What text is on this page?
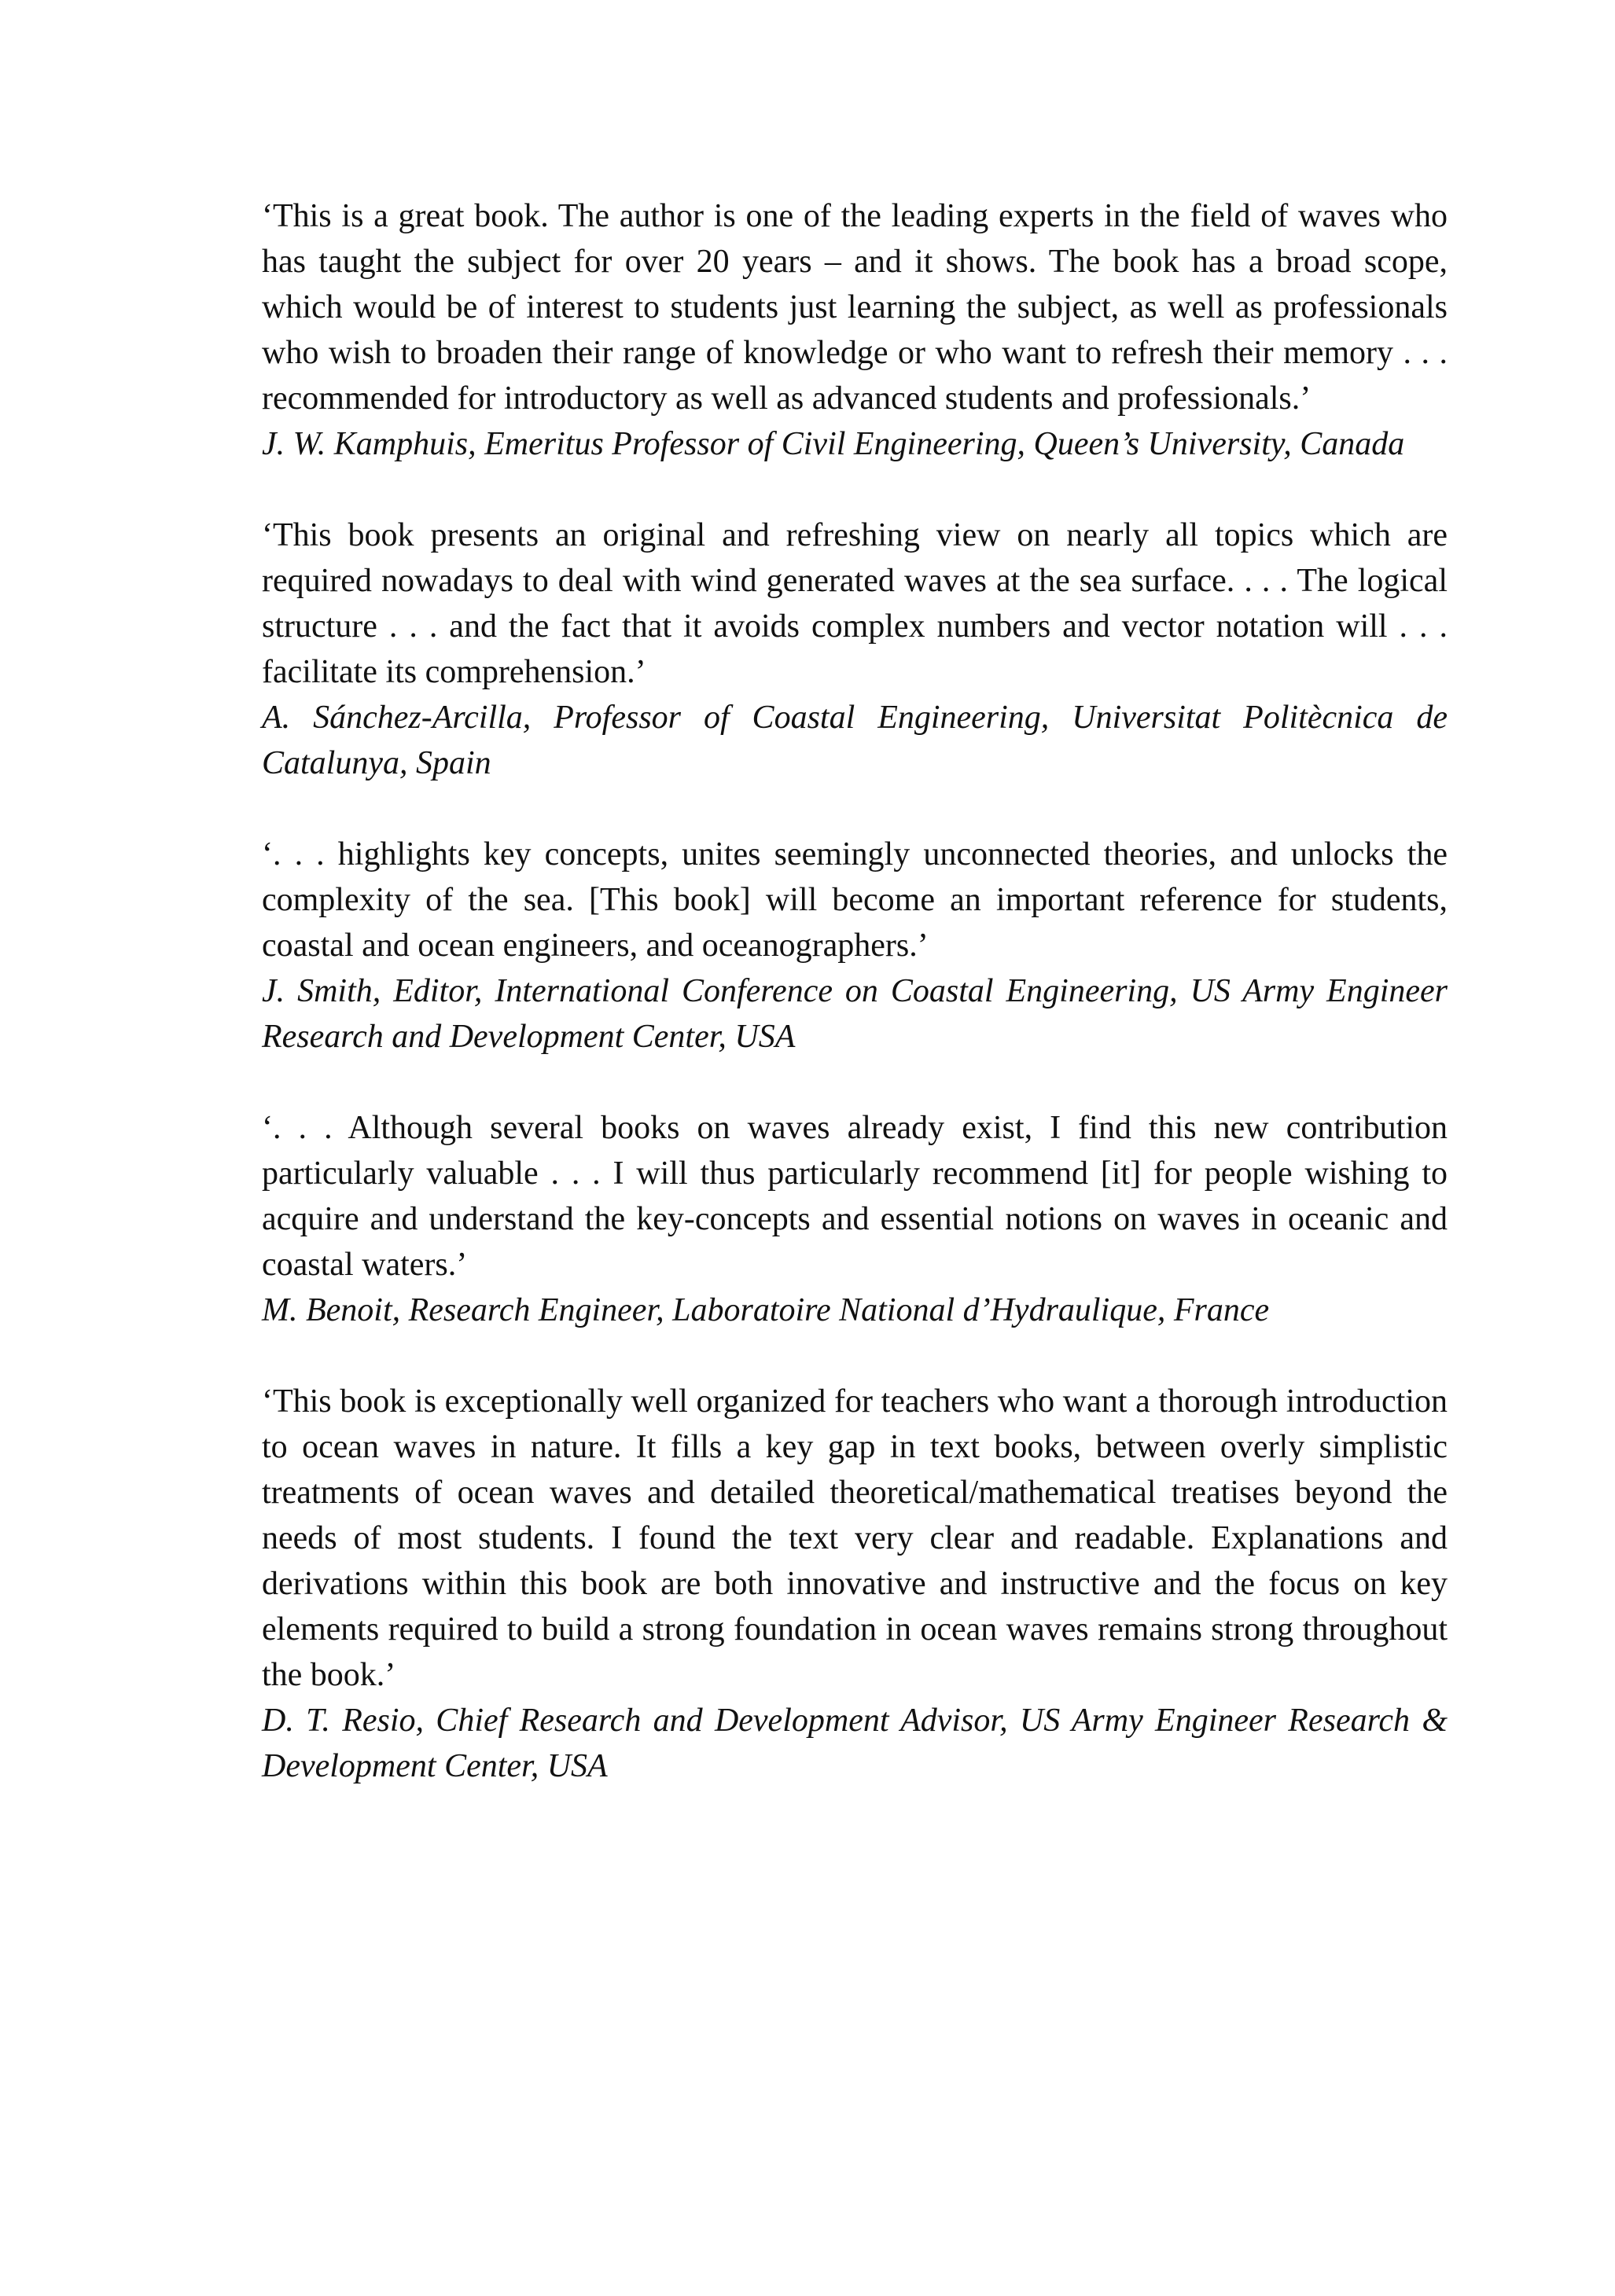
‘This is a great book. The author is one of the leading experts in the field of waves who has taught the subject for over 20 years – and it shows. The book has a broad scope, which would be of interest to students just learning the subject, as well as professionals who wish to broaden their range of knowledge or who want to refresh their memory . . . recommended for introductory as well as advanced students and professionals.’

J. W. Kamphuis, Emeritus Professor of Civil Engineering, Queen’s University, Canada

‘This book presents an original and refreshing view on nearly all topics which are required nowadays to deal with wind generated waves at the sea surface. . . . The logical structure . . . and the fact that it avoids complex numbers and vector notation will . . . facilitate its comprehension.’

A. Sánchez-Arcilla, Professor of Coastal Engineering, Universitat Politècnica de Catalunya, Spain

‘. . . highlights key concepts, unites seemingly unconnected theories, and unlocks the complexity of the sea. [This book] will become an important reference for students, coastal and ocean engineers, and oceanographers.’

J. Smith, Editor, International Conference on Coastal Engineering, US Army Engineer Research and Development Center, USA

‘. . . Although several books on waves already exist, I find this new contribution particularly valuable . . . I will thus particularly recommend [it] for people wishing to acquire and understand the key-concepts and essential notions on waves in oceanic and coastal waters.’

M. Benoit, Research Engineer, Laboratoire National d’Hydraulique, France

‘This book is exceptionally well organized for teachers who want a thorough introduction to ocean waves in nature. It fills a key gap in text books, between overly simplistic treatments of ocean waves and detailed theoretical/mathematical treatises beyond the needs of most students. I found the text very clear and readable. Explanations and derivations within this book are both innovative and instructive and the focus on key elements required to build a strong foundation in ocean waves remains strong throughout the book.’

D. T. Resio, Chief Research and Development Advisor, US Army Engineer Research & Development Center, USA
